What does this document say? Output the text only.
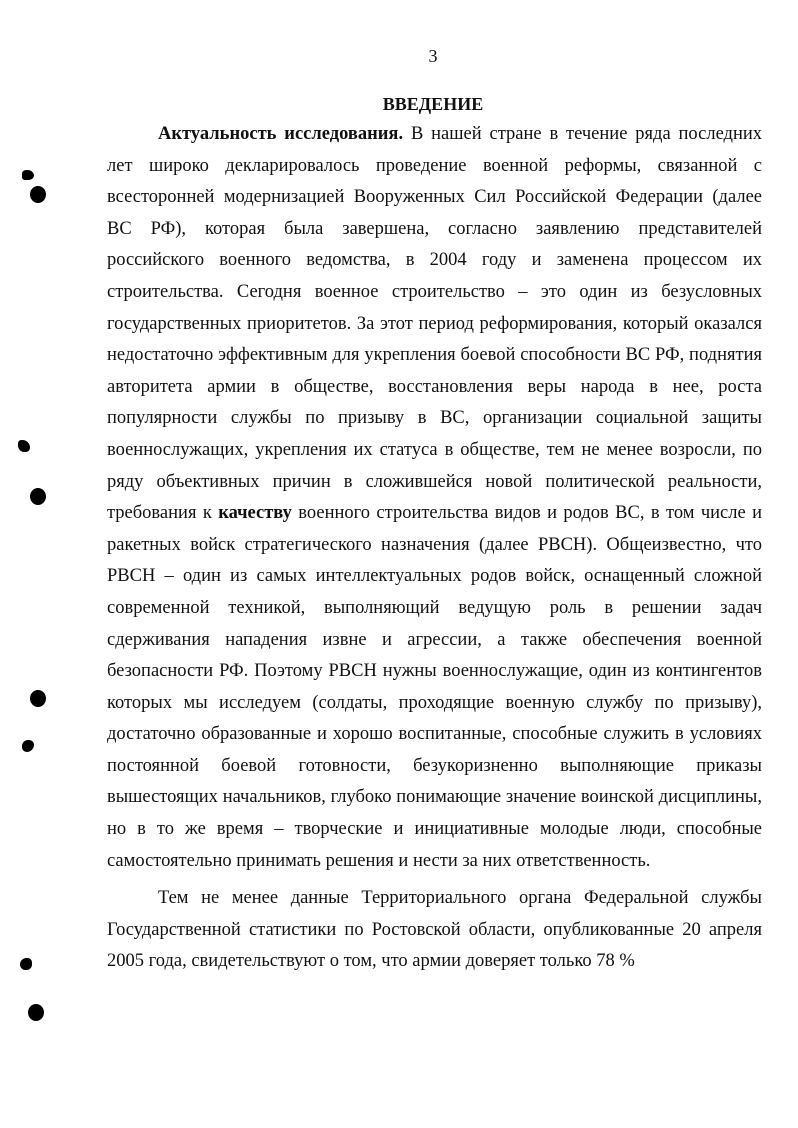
3
ВВЕДЕНИЕ

Актуальность исследования. В нашей стране в течение ряда последних лет широко декларировалось проведение военной реформы, связанной с всесторонней модернизацией Вооруженных Сил Российской Федерации (далее ВС РФ), которая была завершена, согласно заявлению представителей российского военного ведомства, в 2004 году и заменена процессом их строительства. Сегодня военное строительство – это один из безусловных государственных приоритетов. За этот период реформирования, который оказался недостаточно эффективным для укрепления боевой способности ВС РФ, поднятия авторитета армии в обществе, восстановления веры народа в нее, роста популярности службы по призыву в ВС, организации социальной защиты военнослужащих, укрепления их статуса в обществе, тем не менее возросли, по ряду объективных причин в сложившейся новой политической реальности, требования к качеству военного строительства видов и родов ВС, в том числе и ракетных войск стратегического назначения (далее РВСН). Общеизвестно, что РВСН – один из самых интеллектуальных родов войск, оснащенный сложной современной техникой, выполняющий ведущую роль в решении задач сдерживания нападения извне и агрессии, а также обеспечения военной безопасности РФ. Поэтому РВСН нужны военнослужащие, один из контингентов которых мы исследуем (солдаты, проходящие военную службу по призыву), достаточно образованные и хорошо воспитанные, способные служить в условиях постоянной боевой готовности, безукоризненно выполняющие приказы вышестоящих начальников, глубоко понимающие значение воинской дисциплины, но в то же время – творческие и инициативные молодые люди, способные самостоятельно принимать решения и нести за них ответственность.

Тем не менее данные Территориального органа Федеральной службы Государственной статистики по Ростовской области, опубликованные 20 апреля 2005 года, свидетельствуют о том, что армии доверяет только 78 %
